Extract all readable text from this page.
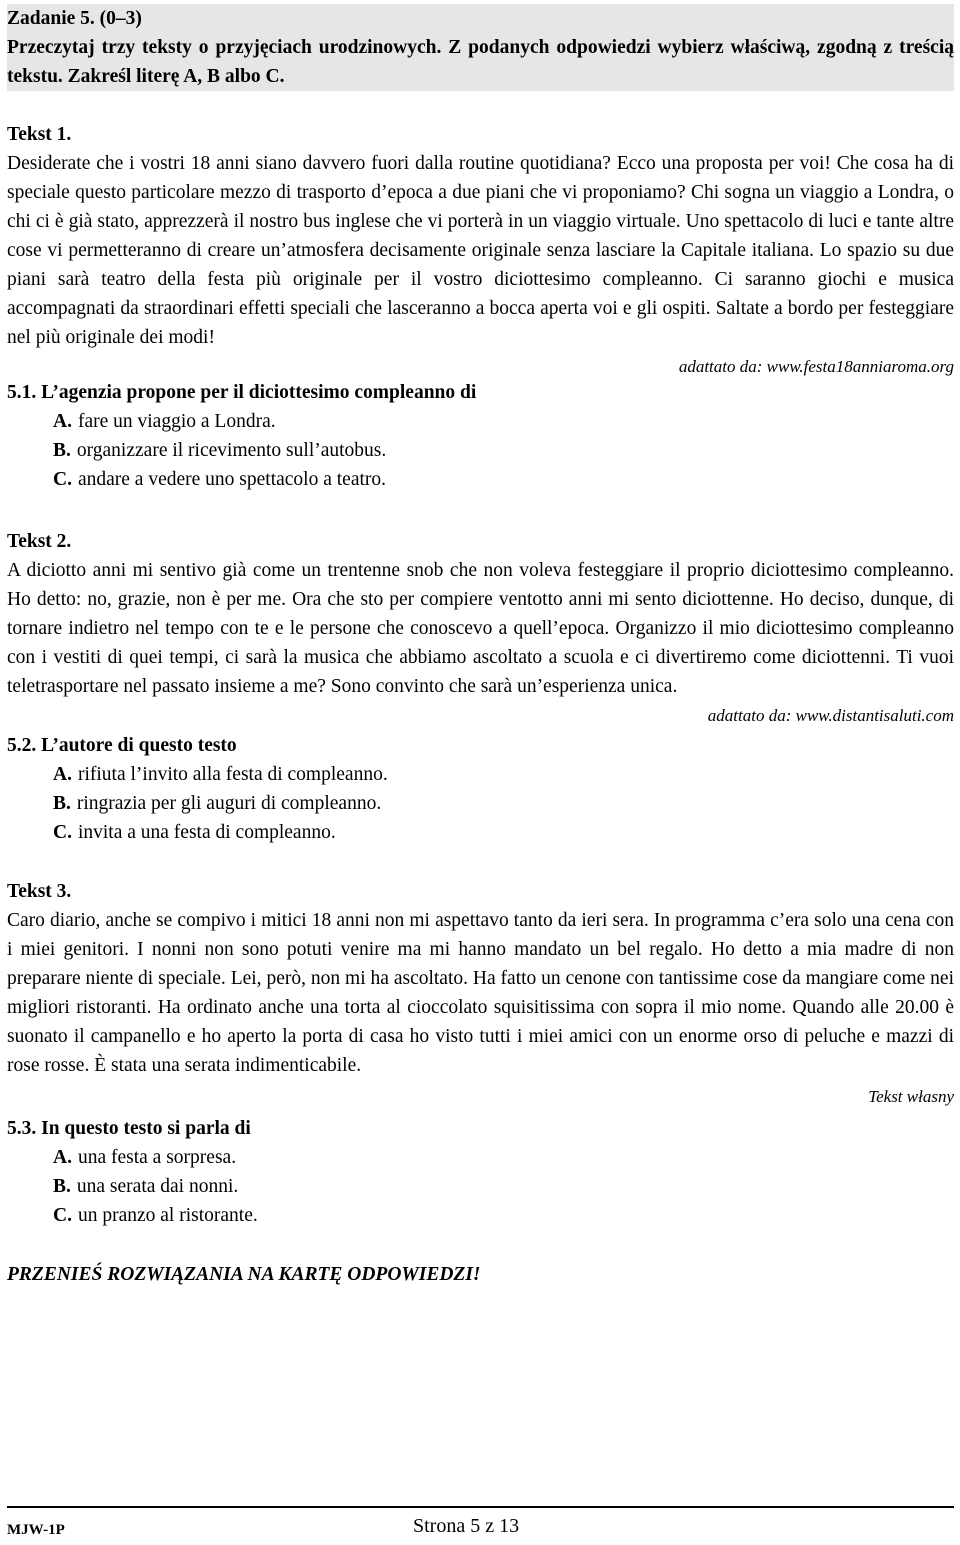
Zadanie 5. (0–3)
Przeczytaj trzy teksty o przyjęciach urodzinowych. Z podanych odpowiedzi wybierz właściwą, zgodną z treścią tekstu. Zakreśl literę A, B albo C.
Tekst 1.
Desiderate che i vostri 18 anni siano davvero fuori dalla routine quotidiana? Ecco una proposta per voi! Che cosa ha di speciale questo particolare mezzo di trasporto d’epoca a due piani che vi proponiamo? Chi sogna un viaggio a Londra, o chi ci è già stato, apprezzerà il nostro bus inglese che vi porterà in un viaggio virtuale. Uno spettacolo di luci e tante altre cose vi permetteranno di creare un’atmosfera decisamente originale senza lasciare la Capitale italiana. Lo spazio su due piani sarà teatro della festa più originale per il vostro diciottesimo compleanno. Ci saranno giochi e musica accompagnati da straordinari effetti speciali che lasceranno a bocca aperta voi e gli ospiti. Saltate a bordo per festeggiare nel più originale dei modi!
adattato da: www.festa18anniaroma.org
5.1. L’agenzia propone per il diciottesimo compleanno di
A. fare un viaggio a Londra.
B. organizzare il ricevimento sull’autobus.
C. andare a vedere uno spettacolo a teatro.
Tekst 2.
A diciotto anni mi sentivo già come un trentenne snob che non voleva festeggiare il proprio diciottesimo compleanno. Ho detto: no, grazie, non è per me. Ora che sto per compiere ventotto anni mi sento diciottenne. Ho deciso, dunque, di tornare indietro nel tempo con te e le persone che conoscevo a quell’epoca. Organizzo il mio diciottesimo compleanno con i vestiti di quei tempi, ci sarà la musica che abbiamo ascoltato a scuola e ci divertiremo come diciottenni. Ti vuoi teletrasportare nel passato insieme a me? Sono convinto che sarà un’esperienza unica.
adattato da: www.distantisaluti.com
5.2. L’autore di questo testo
A. rifiuta l’invito alla festa di compleanno.
B. ringrazia per gli auguri di compleanno.
C. invita a una festa di compleanno.
Tekst 3.
Caro diario, anche se compivo i mitici 18 anni non mi aspettavo tanto da ieri sera. In programma c’era solo una cena con i miei genitori. I nonni non sono potuti venire ma mi hanno mandato un bel regalo. Ho detto a mia madre di non preparare niente di speciale. Lei, però, non mi ha ascoltato. Ha fatto un cenone con tantissime cose da mangiare come nei migliori ristoranti. Ha ordinato anche una torta al cioccolato squisitissima con sopra il mio nome. Quando alle 20.00 è suonato il campanello e ho aperto la porta di casa ho visto tutti i miei amici con un enorme orso di peluche e mazzi di rose rosse. È stata una serata indimenticabile.
Tekst własny
5.3. In questo testo si parla di
A. una festa a sorpresa.
B. una serata dai nonni.
C. un pranzo al ristorante.
PRZENIEŚ ROZWIĄZANIA NA KARTĘ ODPOWIEDZI!
MJW-1P	Strona 5 z 13
